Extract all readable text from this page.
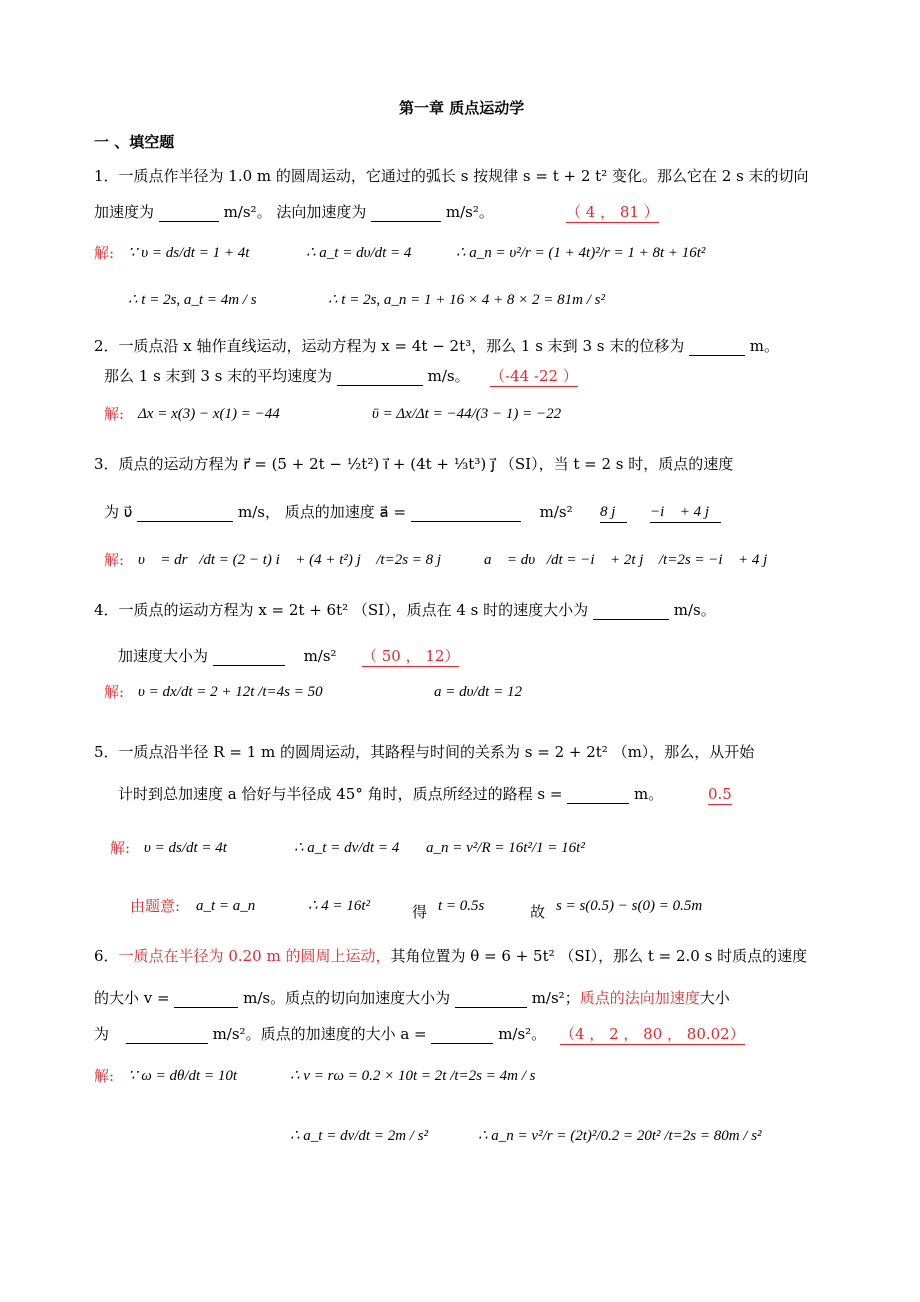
第一章 质点运动学
一 、填空题
1．一质点作半径为 1.0 m 的圆周运动，它通过的弧长 s 按规律 s = t + 2 t² 变化。那么它在 2 s 末的切向
加速度为	m/s²。 法向加速度为	m/s²。	（ 4 ， 81 ）
解: ∵ υ = ds/dt = 1 + 4t	∴ a_t = dυ/dt = 4	∴ a_n = υ²/r = (1 + 4t)²/r = 1 + 8t + 16t²
∴ t = 2s, a_t = 4m / s	∴ t = 2s, a_n = 1 + 16 × 4 + 8 × 2 = 81m / s²
2．一质点沿 x 轴作直线运动，运动方程为 x = 4t − 2t³，那么 1 s 末到 3 s 末的位移为	m。
那么 1 s 末到 3 s 末的平均速度为	m/s。 （-44 -22 ）
解: Δx = x(3) − x(1) = −44	ῡ = Δx/Δt = −44/(3 − 1) = −22
3．质点的运动方程为 r⃗ = (5 + 2t − ½t²) i⃗ + (4t + ⅓t³) j⃗ （SI），当 t = 2 s 时，质点的速度
为 υ⃗	m/s， 质点的加速度 a⃗ =	m/s² 8 j⃗ −i⃗ + 4 j⃗
解: υ⃗ = dr⃗/dt = (2 − t) i⃗ + (4 + t²) j⃗ /t=2s = 8 j⃗ a⃗ = dυ⃗/dt = −i⃗ + 2t j⃗ /t=2s = −i⃗ + 4 j⃗
4．一质点的运动方程为 x = 2t + 6t² （SI），质点在 4 s 时的速度大小为	m/s。
加速度大小为	m/s² （ 50 ， 12）
解: υ = dx/dt = 2 + 12t /t=4s = 50	a = dυ/dt = 12
5．一质点沿半径 R = 1 m 的圆周运动，其路程与时间的关系为 s = 2 + 2t² （m），那么，从开始
计时到总加速度 a 恰好与半径成 45° 角时，质点所经过的路程 s =	m。	0.5
解: υ = ds/dt = 4t	∴ a_t = dv/dt = 4 a_n = v²/R = 16t²/1 = 16t²
由题意: a_t = a_n	∴ 4 = 16t²	得 t = 0.5s	故 s = s(0.5) − s(0) = 0.5m
6．一质点在半径为 0.20 m 的圆周上运动，其角位置为 θ = 6 + 5t² （SI），那么 t = 2.0 s 时质点的速度
的大小 v =	m/s。质点的切向加速度大小为	m/s²；质点的法向加速度大小
为	m/s²。质点的加速度的大小 a =	m/s²。 （4 ， 2 ， 80 ， 80.02）
解: ∵ ω = dθ/dt = 10t	∴ v = rω = 0.2 × 10t = 2t /t=2s = 4m / s
∴ a_t = dv/dt = 2m / s²	∴ a_n = v²/r = (2t)²/0.2 = 20t² /t=2s = 80m / s²
